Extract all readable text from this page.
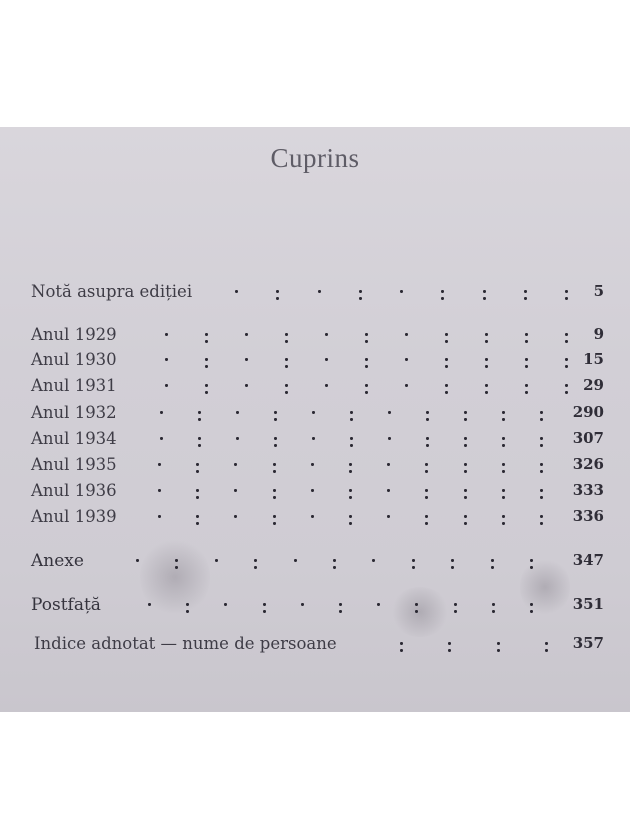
Cuprins
Notă asupra ediției	5
Anul 1929	9
Anul 1930	15
Anul 1931	29
Anul 1932	290
Anul 1934	307
Anul 1935	326
Anul 1936	333
Anul 1939	336
Anexe	347
Postfață	351
Indice adnotat — nume de persoane	357
